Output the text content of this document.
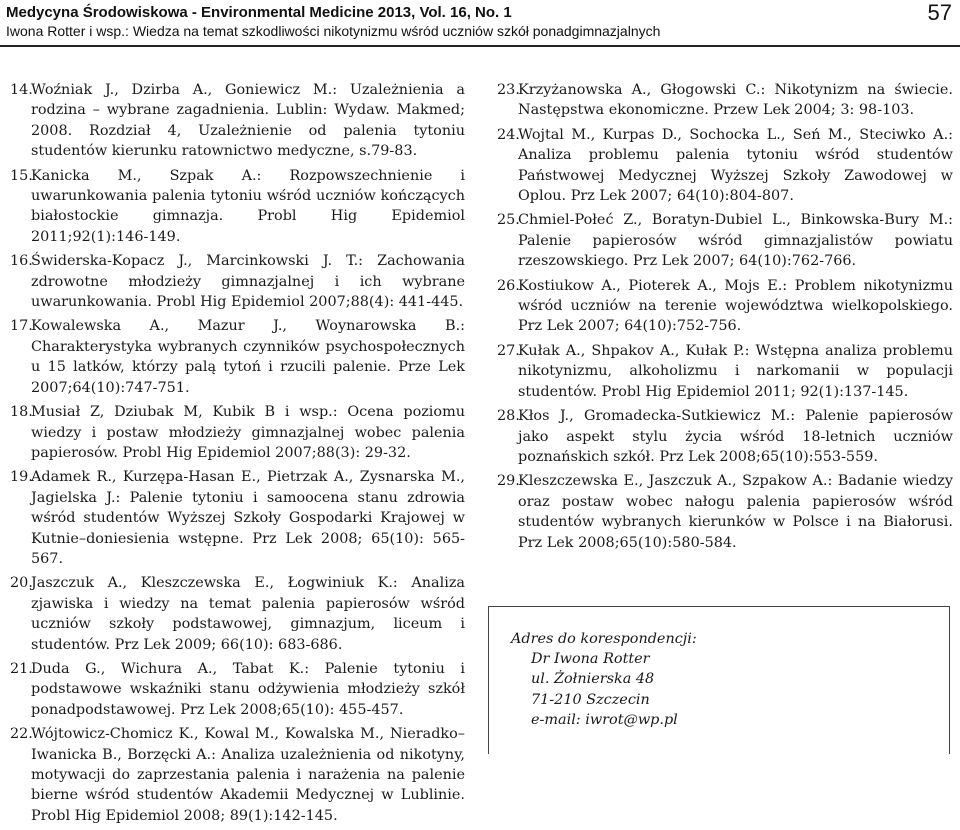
Medycyna Środowiskowa - Environmental Medicine 2013, Vol. 16, No. 1
Iwona Rotter i wsp.: Wiedza na temat szkodliwości nikotynizmu wśród uczniów szkół ponadgimnazjalnych
57
14.
Woźniak J., Dzirba A., Goniewicz M.: Uzależnienia a rodzina – wybrane zagadnienia. Lublin: Wydaw. Makmed; 2008. Rozdział 4, Uzależnienie od palenia tytoniu studentów kierunku ratownictwo medyczne, s.79-83.
15.
Kanicka M., Szpak A.: Rozpowszechnienie i uwarunkowania palenia tytoniu wśród uczniów kończących białostockie gimnazja. Probl Hig Epidemiol 2011;92(1):146-149.
16.
Świderska-Kopacz J., Marcinkowski J. T.: Zachowania zdrowotne młodzieży gimnazjalnej i ich wybrane uwarunkowania. Probl Hig Epidemiol 2007;88(4): 441-445.
17.
Kowalewska A., Mazur J., Woynarowska B.: Charakterystyka wybranych czynników psychospołecznych u 15 latków, którzy palą tytoń i rzucili palenie. Prze Lek 2007;64(10):747-751.
18.
Musiał Z, Dziubak M, Kubik B i wsp.: Ocena poziomu wiedzy i postaw młodzieży gimnazjalnej wobec palenia papierosów. Probl Hig Epidemiol 2007;88(3): 29-32.
19.
Adamek R., Kurzępa-Hasan E., Pietrzak A., Zysnarska M., Jagielska J.: Palenie tytoniu i samoocena stanu zdrowia wśród studentów Wyższej Szkoły Gospodarki Krajowej w Kutnie–doniesienia wstępne. Prz Lek 2008; 65(10): 565-567.
20.
Jaszczuk A., Kleszczewska E., Łogwiniuk K.: Analiza zjawiska i wiedzy na temat palenia papierosów wśród uczniów szkoły podstawowej, gimnazjum, liceum i studentów. Prz Lek 2009; 66(10): 683-686.
21.
Duda G., Wichura A., Tabat K.: Palenie tytoniu i podstawowe wskaźniki stanu odżywienia młodzieży szkół ponadpodstawowej. Prz Lek 2008;65(10): 455-457.
22.
Wójtowicz-Chomicz K., Kowal M., Kowalska M., Nieradko–Iwanicka B., Borzęcki A.: Analiza uzależnienia od nikotyny, motywacji do zaprzestania palenia i narażenia na palenie bierne wśród studentów Akademii Medycznej w Lublinie. Probl Hig Epidemiol 2008; 89(1):142-145.
23.
Krzyżanowska A., Głogowski C.: Nikotynizm na świecie. Następstwa ekonomiczne. Przew Lek 2004; 3: 98-103.
24.
Wojtal M., Kurpas D., Sochocka L., Seń M., Steciwko A.: Analiza problemu palenia tytoniu wśród studentów Państwowej Medycznej Wyższej Szkoły Zawodowej w Oplou. Prz Lek 2007; 64(10):804-807.
25.
Chmiel-Połeć Z., Boratyn-Dubiel L., Binkowska-Bury M.: Palenie papierosów wśród gimnazjalistów powiatu rzeszowskiego. Prz Lek 2007; 64(10):762-766.
26.
Kostiukow A., Pioterek A., Mojs E.: Problem nikotynizmu wśród uczniów na terenie województwa wielkopolskiego. Prz Lek 2007; 64(10):752-756.
27.
Kułak A., Shpakov A., Kułak P.: Wstępna analiza problemu nikotynizmu, alkoholizmu i narkomanii w populacji studentów. Probl Hig Epidemiol 2011; 92(1):137-145.
28.
Kłos J., Gromadecka-Sutkiewicz M.: Palenie papierosów jako aspekt stylu życia wśród 18-letnich uczniów poznańskich szkół. Prz Lek 2008;65(10):553-559.
29.
Kleszczewska E., Jaszczuk A., Szpakow A.: Badanie wiedzy oraz postaw wobec nałogu palenia papierosów wśród studentów wybranych kierunków w Polsce i na Białorusi. Prz Lek 2008;65(10):580-584.
Adres do korespondencji:
Dr Iwona Rotter
ul. Żołnierska 48
71-210 Szczecin
e-mail: iwrot@wp.pl
